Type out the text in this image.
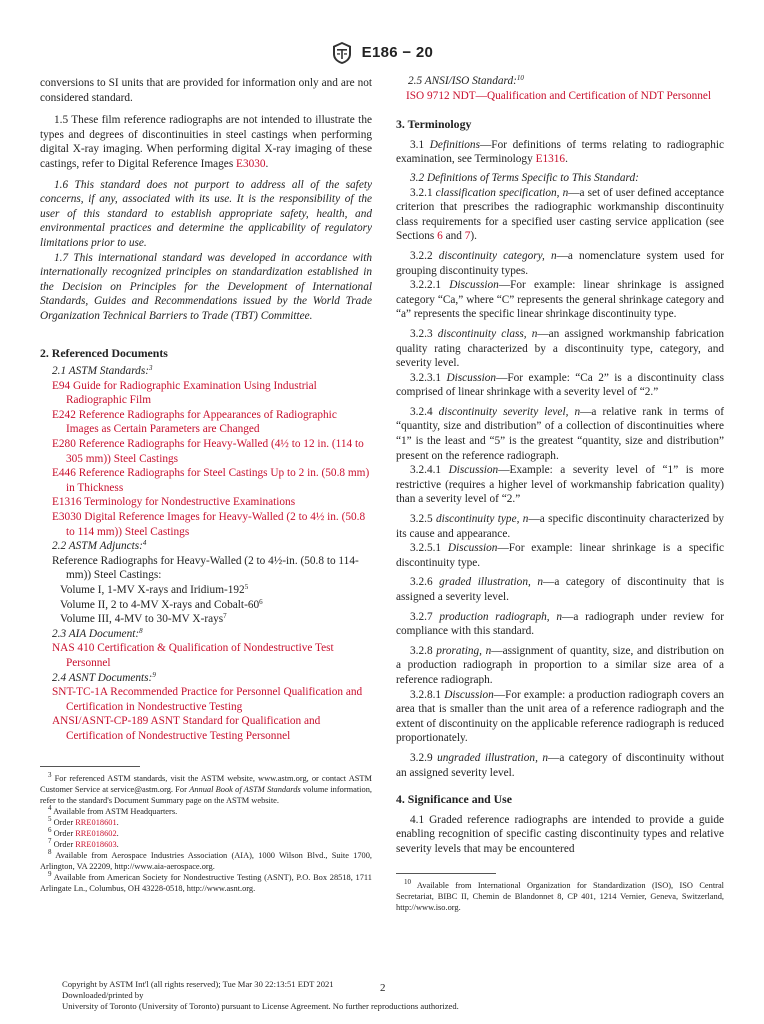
E186 − 20

conversions to SI units that are provided for information only and are not considered standard.

1.5 These film reference radiographs are not intended to illustrate the types and degrees of discontinuities in steel castings when performing digital X-ray imaging. When performing digital X-ray imaging of these castings, refer to Digital Reference Images E3030.

1.6 This standard does not purport to address all of the safety concerns, if any, associated with its use. It is the responsibility of the user of this standard to establish appropriate safety, health, and environmental practices and determine the applicability of regulatory limitations prior to use.

1.7 This international standard was developed in accordance with internationally recognized principles on standardization established in the Decision on Principles for the Development of International Standards, Guides and Recommendations issued by the World Trade Organization Technical Barriers to Trade (TBT) Committee.

2. Referenced Documents

2.1 ASTM Standards:$^3$

E94 Guide for Radiographic Examination Using Industrial Radiographic Film

E242 Reference Radiographs for Appearances of Radiographic Images as Certain Parameters are Changed

E280 Reference Radiographs for Heavy-Walled (4½ to 12 in. (114 to 305 mm)) Steel Castings

E446 Reference Radiographs for Steel Castings Up to 2 in. (50.8 mm) in Thickness

E1316 Terminology for Nondestructive Examinations

E3030 Digital Reference Images for Heavy-Walled (2 to 4½ in. (50.8 to 114 mm)) Steel Castings

2.2 ASTM Adjuncts:$^4$

Reference Radiographs for Heavy-Walled (2 to 4½-in. (50.8 to 114-mm)) Steel Castings:

Volume I, 1-MV X-rays and Iridium-$192^5$

Volume II, 2 to 4-MV X-rays and Cobalt-$60^6$

Volume III, 4-MV to 30-MV X-rays$^7$

2.3 AIA Document:$^8$

NAS 410 Certification & Qualification of Nondestructive Test Personnel

2.4 ASNT Documents:$^9$

SNT-TC-1A Recommended Practice for Personnel Qualification and Certification in Nondestructive Testing

ANSI/ASNT-CP-189 ASNT Standard for Qualification and Certification of Nondestructive Testing Personnel

$^3$ For referenced ASTM standards, visit the ASTM website, www.astm.org, or contact ASTM Customer Service at service@astm.org. For Annual Book of ASTM Standards volume information, refer to the standard's Document Summary page on the ASTM website.

$^4$ Available from ASTM Headquarters.

$^5$ Order RRE018601.

$^6$ Order RRE018602.

$^7$ Order RRE018603.

$^8$ Available from Aerospace Industries Association (AIA), 1000 Wilson Blvd., Suite 1700, Arlington, VA 22209, http://www.aia-aerospace.org.

$^9$ Available from American Society for Nondestructive Testing (ASNT), P.O. Box 28518, 1711 Arlingate Ln., Columbus, OH 43228-0518, http://www.asnt.org.

2.5 ANSI/ISO Standard:$^{10}$

ISO 9712 NDT—Qualification and Certification of NDT Personnel

3. Terminology

3.1 Definitions—For definitions of terms relating to radiographic examination, see Terminology E1316.

3.2 Definitions of Terms Specific to This Standard:

3.2.1 classification specification, n—a set of user defined acceptance criterion that prescribes the radiographic workmanship discontinuity class requirements for a specified user casting service application (see Sections 6 and 7).

3.2.2 discontinuity category, n—a nomenclature system used for grouping discontinuity types.

3.2.2.1 Discussion—For example: linear shrinkage is assigned category “Ca,” where “C” represents the general shrinkage category and “a” represents the specific linear shrinkage discontinuity type.

3.2.3 discontinuity class, n—an assigned workmanship fabrication quality rating characterized by a discontinuity type, category, and severity level.

3.2.3.1 Discussion—For example: “Ca 2” is a discontinuity class comprised of linear shrinkage with a severity level of “2.”

3.2.4 discontinuity severity level, n—a relative rank in terms of “quantity, size and distribution” of a collection of discontinuities where “1” is the least and “5” is the greatest “quantity, size and distribution” present on the reference radiograph.

3.2.4.1 Discussion—Example: a severity level of “1” is more restrictive (requires a higher level of workmanship fabrication quality) than a severity level of “2.”

3.2.5 discontinuity type, n—a specific discontinuity characterized by its cause and appearance.

3.2.5.1 Discussion—For example: linear shrinkage is a specific discontinuity type.

3.2.6 graded illustration, n—a category of discontinuity that is assigned a severity level.

3.2.7 production radiograph, n—a radiograph under review for compliance with this standard.

3.2.8 prorating, n—assignment of quantity, size, and distribution on a production radiograph in proportion to a similar size area of a reference radiograph.

3.2.8.1 Discussion—For example: a production radiograph covers an area that is smaller than the unit area of a reference radiograph and the extent of discontinuity on the applicable reference radiograph is reduced proportionately.

3.2.9 ungraded illustration, n—a category of discontinuity without an assigned severity level.

4. Significance and Use

4.1 Graded reference radiographs are intended to provide a guide enabling recognition of specific casting discontinuity types and relative severity levels that may be encountered

$^{10}$ Available from International Organization for Standardization (ISO), ISO Central Secretariat, BIBC II, Chemin de Blandonnet 8, CP 401, 1214 Vernier, Geneva, Switzerland, http://www.iso.org.

Copyright by ASTM Int'l (all rights reserved); Tue Mar 30 22:13:51 EDT 2021

Downloaded/printed by

University of Toronto (University of Toronto) pursuant to License Agreement. No further reproductions authorized.

2
